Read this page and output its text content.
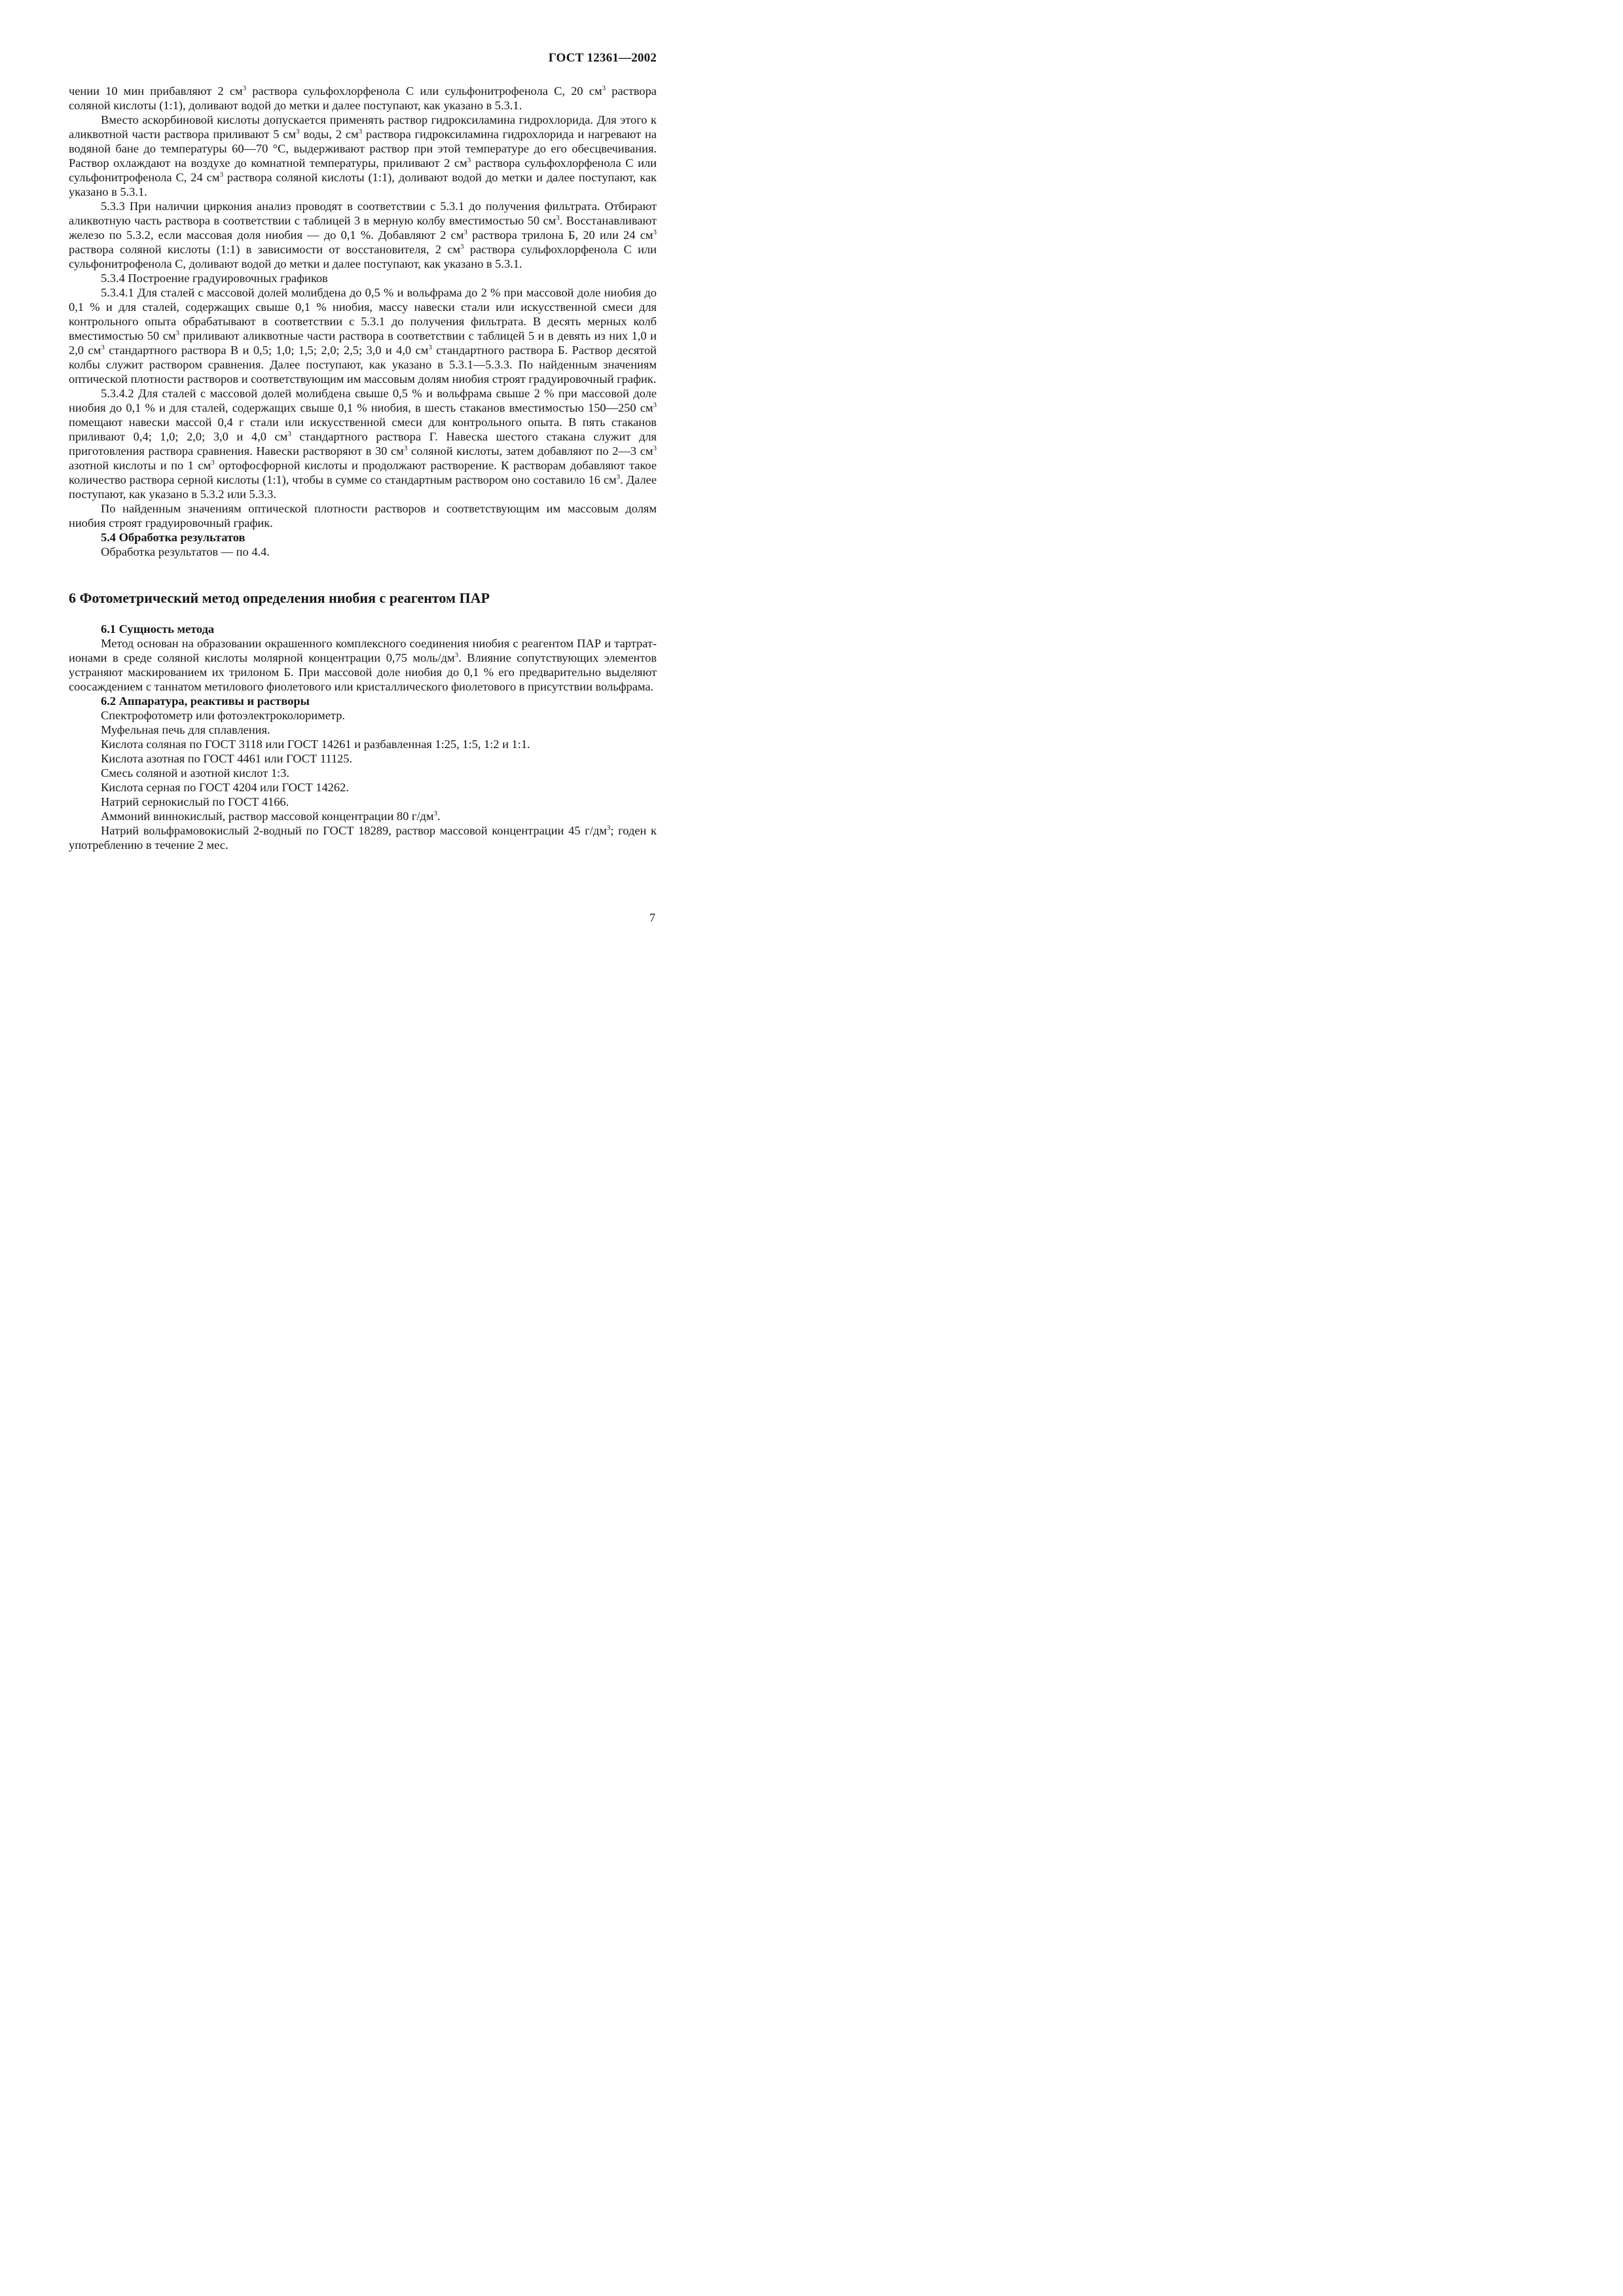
ГОСТ 12361—2002

чении 10 мин прибавляют 2 $см^3$ раствора сульфохлорфенола С или сульфонитрофенола С, 20 $см^3$ раствора соляной кислоты (1:1), доливают водой до метки и далее поступают, как указано в 5.3.1.

Вместо аскорбиновой кислоты допускается применять раствор гидроксиламина гидрохлорида. Для этого к аликвотной части раствора приливают 5 $см^3$ воды, 2 $см^3$ раствора гидроксиламина гидрохлорида и нагревают на водяной бане до температуры 60—70 °С, выдерживают раствор при этой температуре до его обесцвечивания. Раствор охлаждают на воздухе до комнатной температуры, приливают 2 $см^3$ раствора сульфохлорфенола С или сульфонитрофенола С, 24 $см^3$ раствора соляной кислоты (1:1), доливают водой до метки и далее поступают, как указано в 5.3.1.

5.3.3 При наличии циркония анализ проводят в соответствии с 5.3.1 до получения фильтрата. Отбирают аликвотную часть раствора в соответствии с таблицей 3 в мерную колбу вместимостью 50 $см^3$. Восстанавливают железо по 5.3.2, если массовая доля ниобия — до 0,1 %. Добавляют 2 $см^3$ раствора трилона Б, 20 или 24 $см^3$ раствора соляной кислоты (1:1) в зависимости от восстановителя, 2 $см^3$ раствора сульфохлорфенола С или сульфонитрофенола С, доливают водой до метки и далее поступают, как указано в 5.3.1.

5.3.4 Построение градуировочных графиков

5.3.4.1 Для сталей с массовой долей молибдена до 0,5 % и вольфрама до 2 % при массовой доле ниобия до 0,1 % и для сталей, содержащих свыше 0,1 % ниобия, массу навески стали или искусственной смеси для контрольного опыта обрабатывают в соответствии с 5.3.1 до получения фильтрата. В десять мерных колб вместимостью 50 $см^3$ приливают аликвотные части раствора в соответствии с таблицей 5 и в девять из них 1,0 и 2,0 $см^3$ стандартного раствора В и 0,5; 1,0; 1,5; 2,0; 2,5; 3,0 и 4,0 $см^3$ стандартного раствора Б. Раствор десятой колбы служит раствором сравнения. Далее поступают, как указано в 5.3.1—5.3.3. По найденным значениям оптической плотности растворов и соответствующим им массовым долям ниобия строят градуировочный график.

5.3.4.2 Для сталей с массовой долей молибдена свыше 0,5 % и вольфрама свыше 2 % при массовой доле ниобия до 0,1 % и для сталей, содержащих свыше 0,1 % ниобия, в шесть стаканов вместимостью 150—250 $см^3$ помещают навески массой 0,4 г стали или искусственной смеси для контрольного опыта. В пять стаканов приливают 0,4; 1,0; 2,0; 3,0 и 4,0 $см^3$ стандартного раствора Г. Навеска шестого стакана служит для приготовления раствора сравнения. Навески растворяют в 30 $см^3$ соляной кислоты, затем добавляют по 2—3 $см^3$ азотной кислоты и по 1 $см^3$ ортофосфорной кислоты и продолжают растворение. К растворам добавляют такое количество раствора серной кислоты (1:1), чтобы в сумме со стандартным раствором оно составило 16 $см^3$. Далее поступают, как указано в 5.3.2 или 5.3.3.

По найденным значениям оптической плотности растворов и соответствующим им массовым долям ниобия строят градуировочный график.

5.4 Обработка результатов

Обработка результатов — по 4.4.

6 Фотометрический метод определения ниобия с реагентом ПАР

6.1 Сущность метода

Метод основан на образовании окрашенного комплексного соединения ниобия с реагентом ПАР и тартрат-ионами в среде соляной кислоты молярной концентрации 0,75 моль/$дм^3$. Влияние сопутствующих элементов устраняют маскированием их трилоном Б. При массовой доле ниобия до 0,1 % его предварительно выделяют соосаждением с таннатом метилового фиолетового или кристаллического фиолетового в присутствии вольфрама.

6.2 Аппаратура, реактивы и растворы

Спектрофотометр или фотоэлектроколориметр.

Муфельная печь для сплавления.

Кислота соляная по ГОСТ 3118 или ГОСТ 14261 и разбавленная 1:25, 1:5, 1:2 и 1:1.

Кислота азотная по ГОСТ 4461 или ГОСТ 11125.

Смесь соляной и азотной кислот 1:3.

Кислота серная по ГОСТ 4204 или ГОСТ 14262.

Натрий сернокислый по ГОСТ 4166.

Аммоний виннокислый, раствор массовой концентрации 80 $г/дм^3$.

Натрий вольфрамовокислый 2-водный по ГОСТ 18289, раствор массовой концентрации 45 $г/дм^3$; годен к употреблению в течение 2 мес.

7
